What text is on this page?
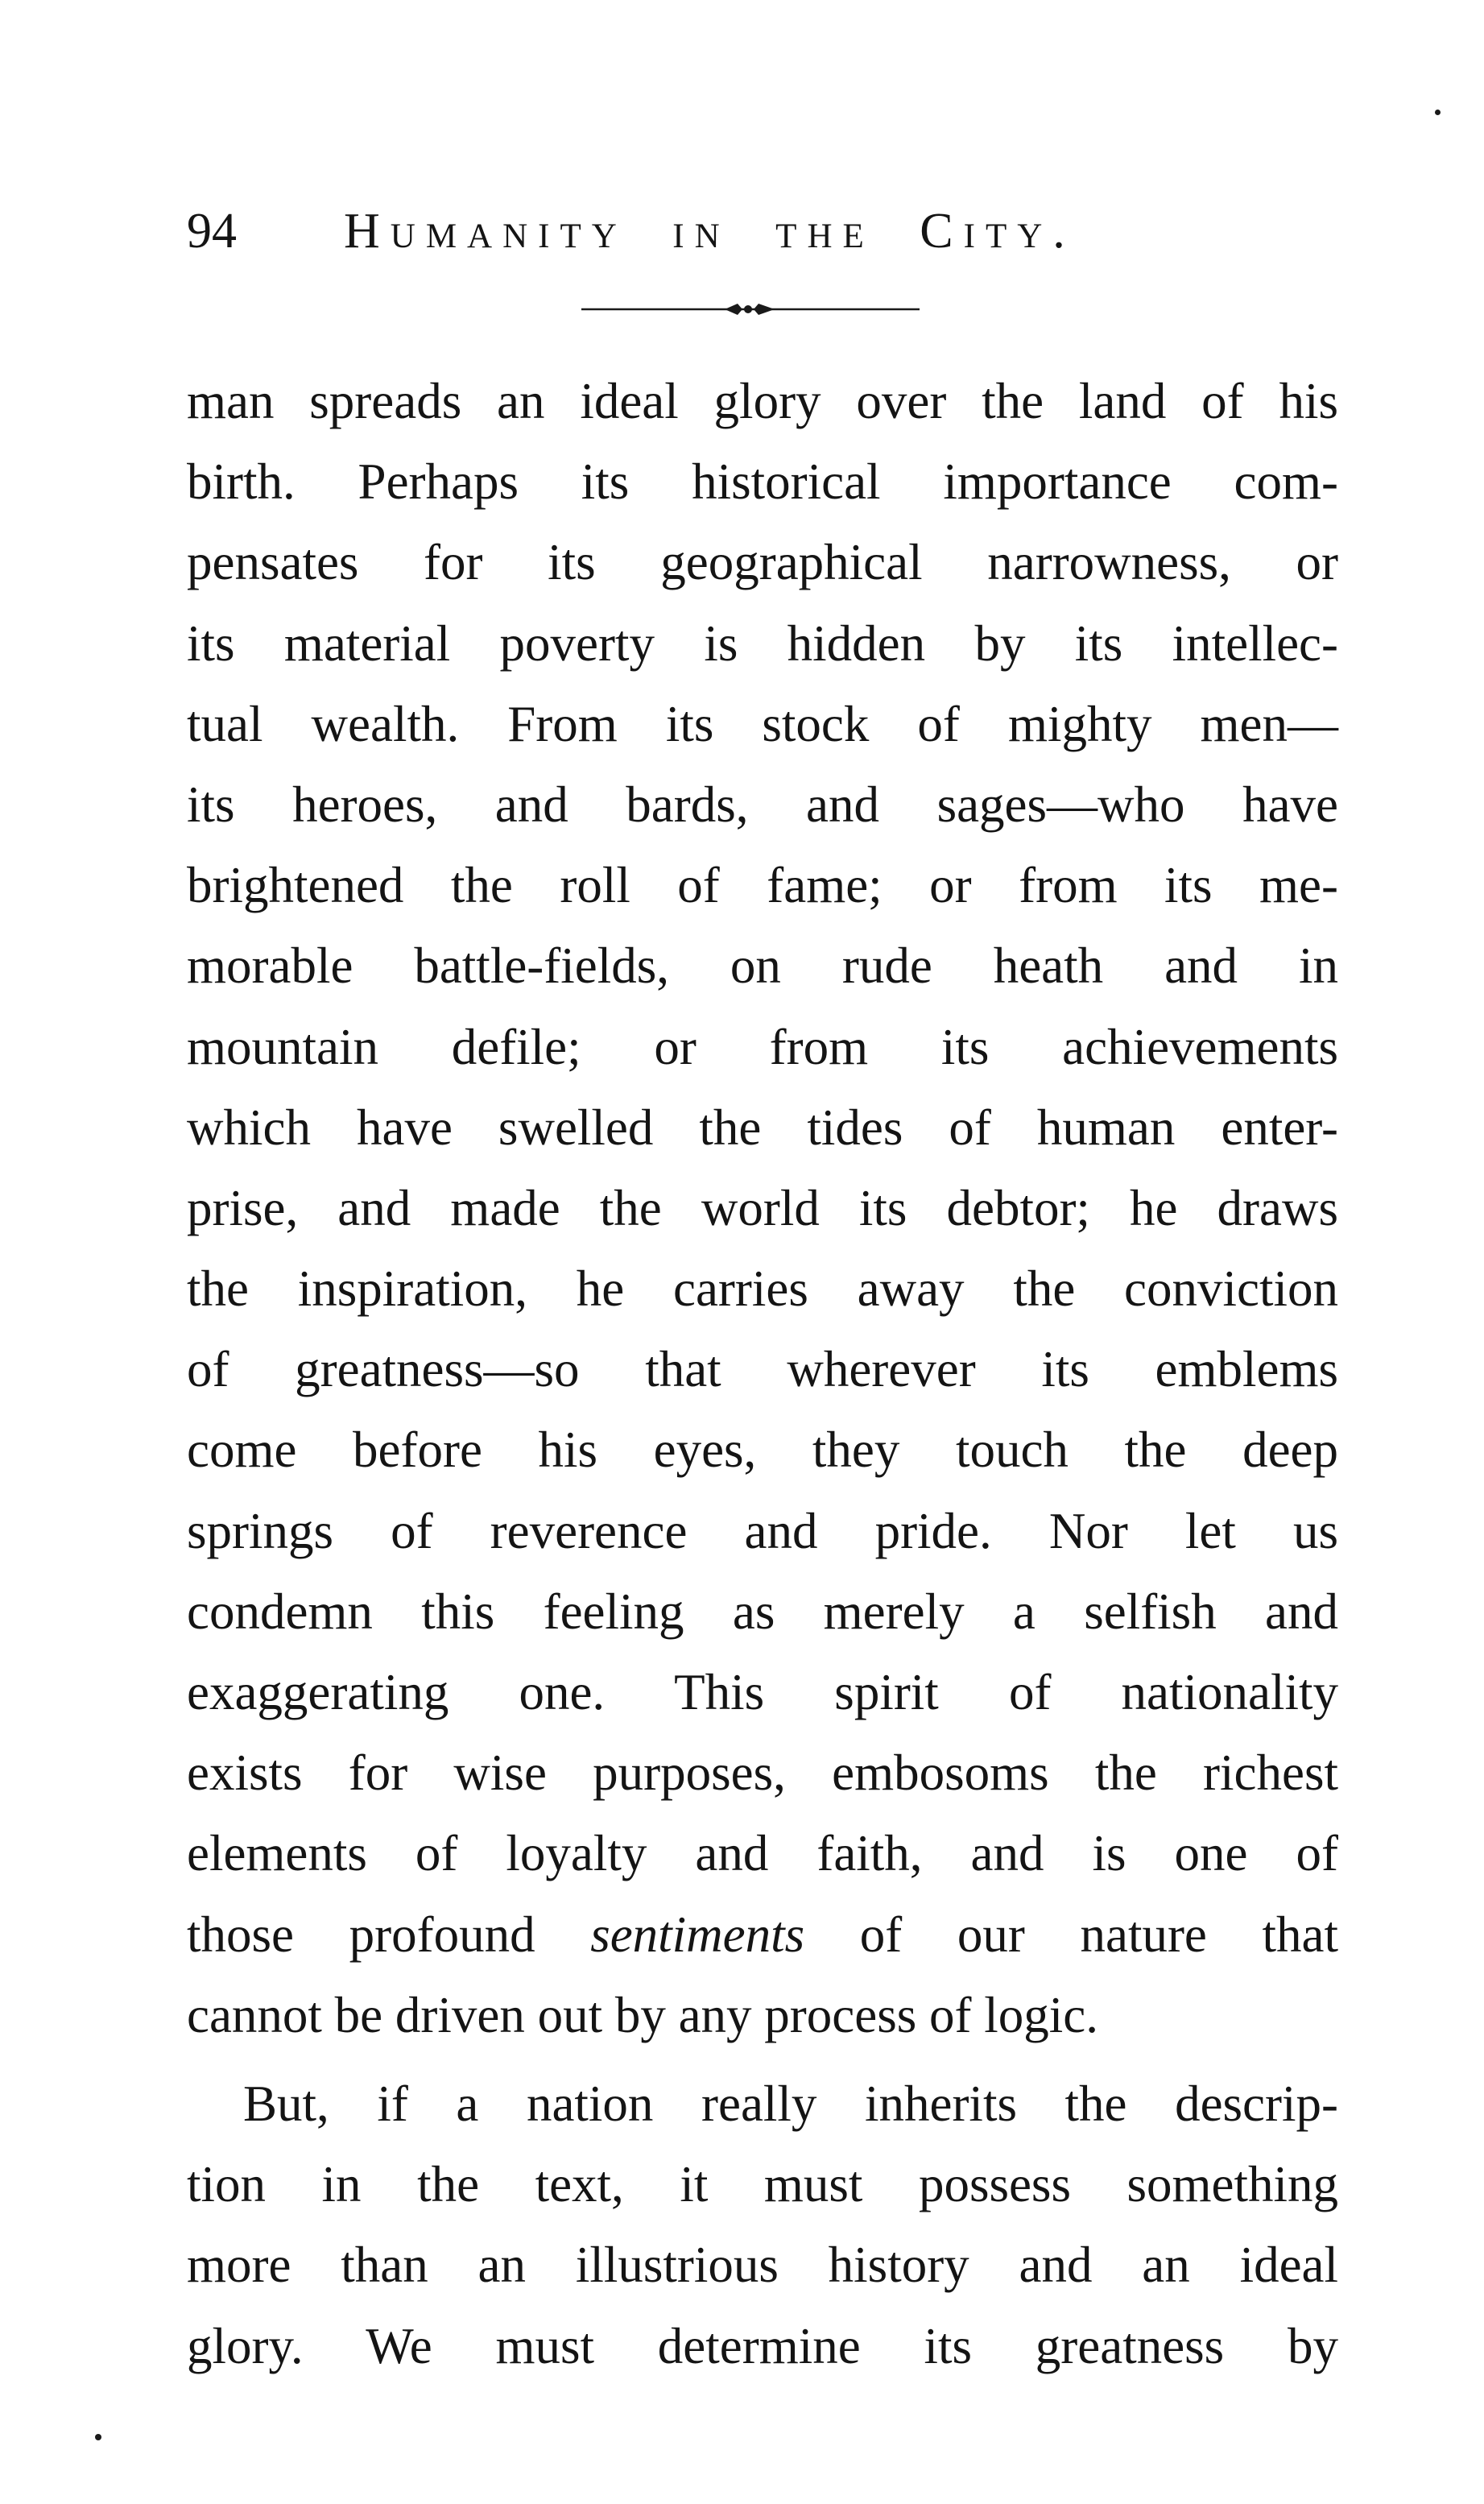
94 Humanity in the City.
man spreads an ideal glory over the land of his
birth. Perhaps its historical importance com-
pensates for its geographical narrowness, or
its material poverty is hidden by its intellec-
tual wealth. From its stock of mighty men—
its heroes, and bards, and sages—who have
brightened the roll of fame; or from its me-
morable battle-fields, on rude heath and in
mountain defile; or from its achievements
which have swelled the tides of human enter-
prise, and made the world its debtor; he draws
the inspiration, he carries away the conviction
of greatness—so that wherever its emblems
come before his eyes, they touch the deep
springs of reverence and pride. Nor let us
condemn this feeling as merely a selfish and
exaggerating one. This spirit of nationality
exists for wise purposes, embosoms the richest
elements of loyalty and faith, and is one of
those profound sentiments of our nature that
cannot be driven out by any process of logic.
But, if a nation really inherits the descrip-
tion in the text, it must possess something
more than an illustrious history and an ideal
glory. We must determine its greatness by
